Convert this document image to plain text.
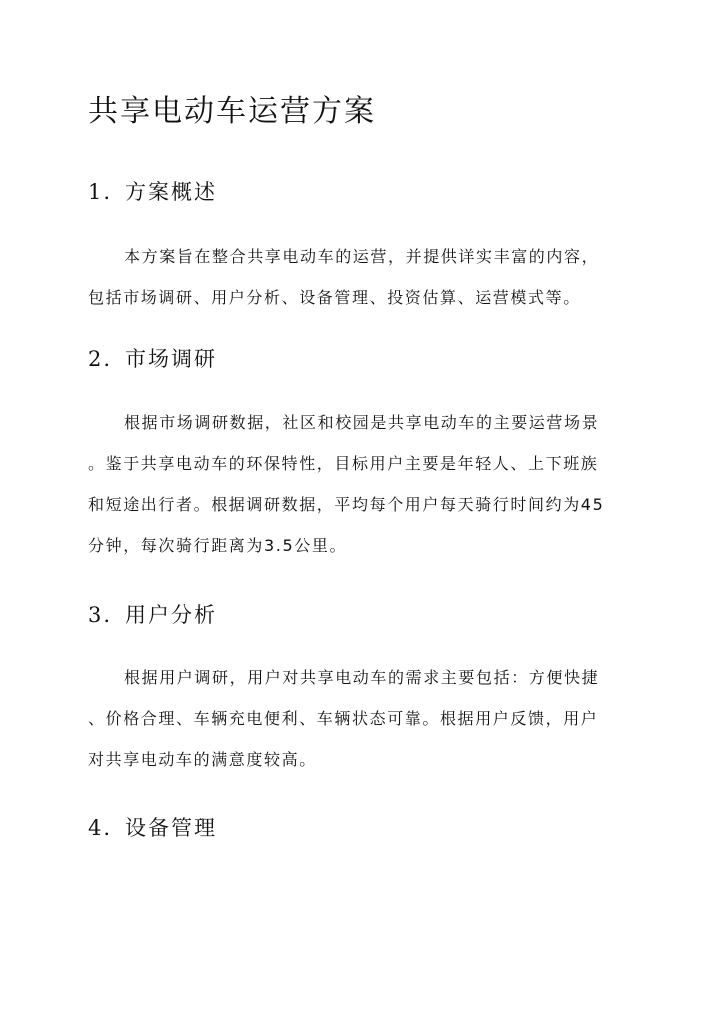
共享电动车运营方案
1. 方案概述
本方案旨在整合共享电动车的运营，并提供详实丰富的内容，
包括市场调研、用户分析、设备管理、投资估算、运营模式等。
2. 市场调研
根据市场调研数据，社区和校园是共享电动车的主要运营场景
。鉴于共享电动车的环保特性，目标用户主要是年轻人、上下班族
和短途出行者。根据调研数据，平均每个用户每天骑行时间约为45
分钟，每次骑行距离为3.5公里。
3. 用户分析
根据用户调研，用户对共享电动车的需求主要包括：方便快捷
、价格合理、车辆充电便利、车辆状态可靠。根据用户反馈，用户
对共享电动车的满意度较高。
4. 设备管理
